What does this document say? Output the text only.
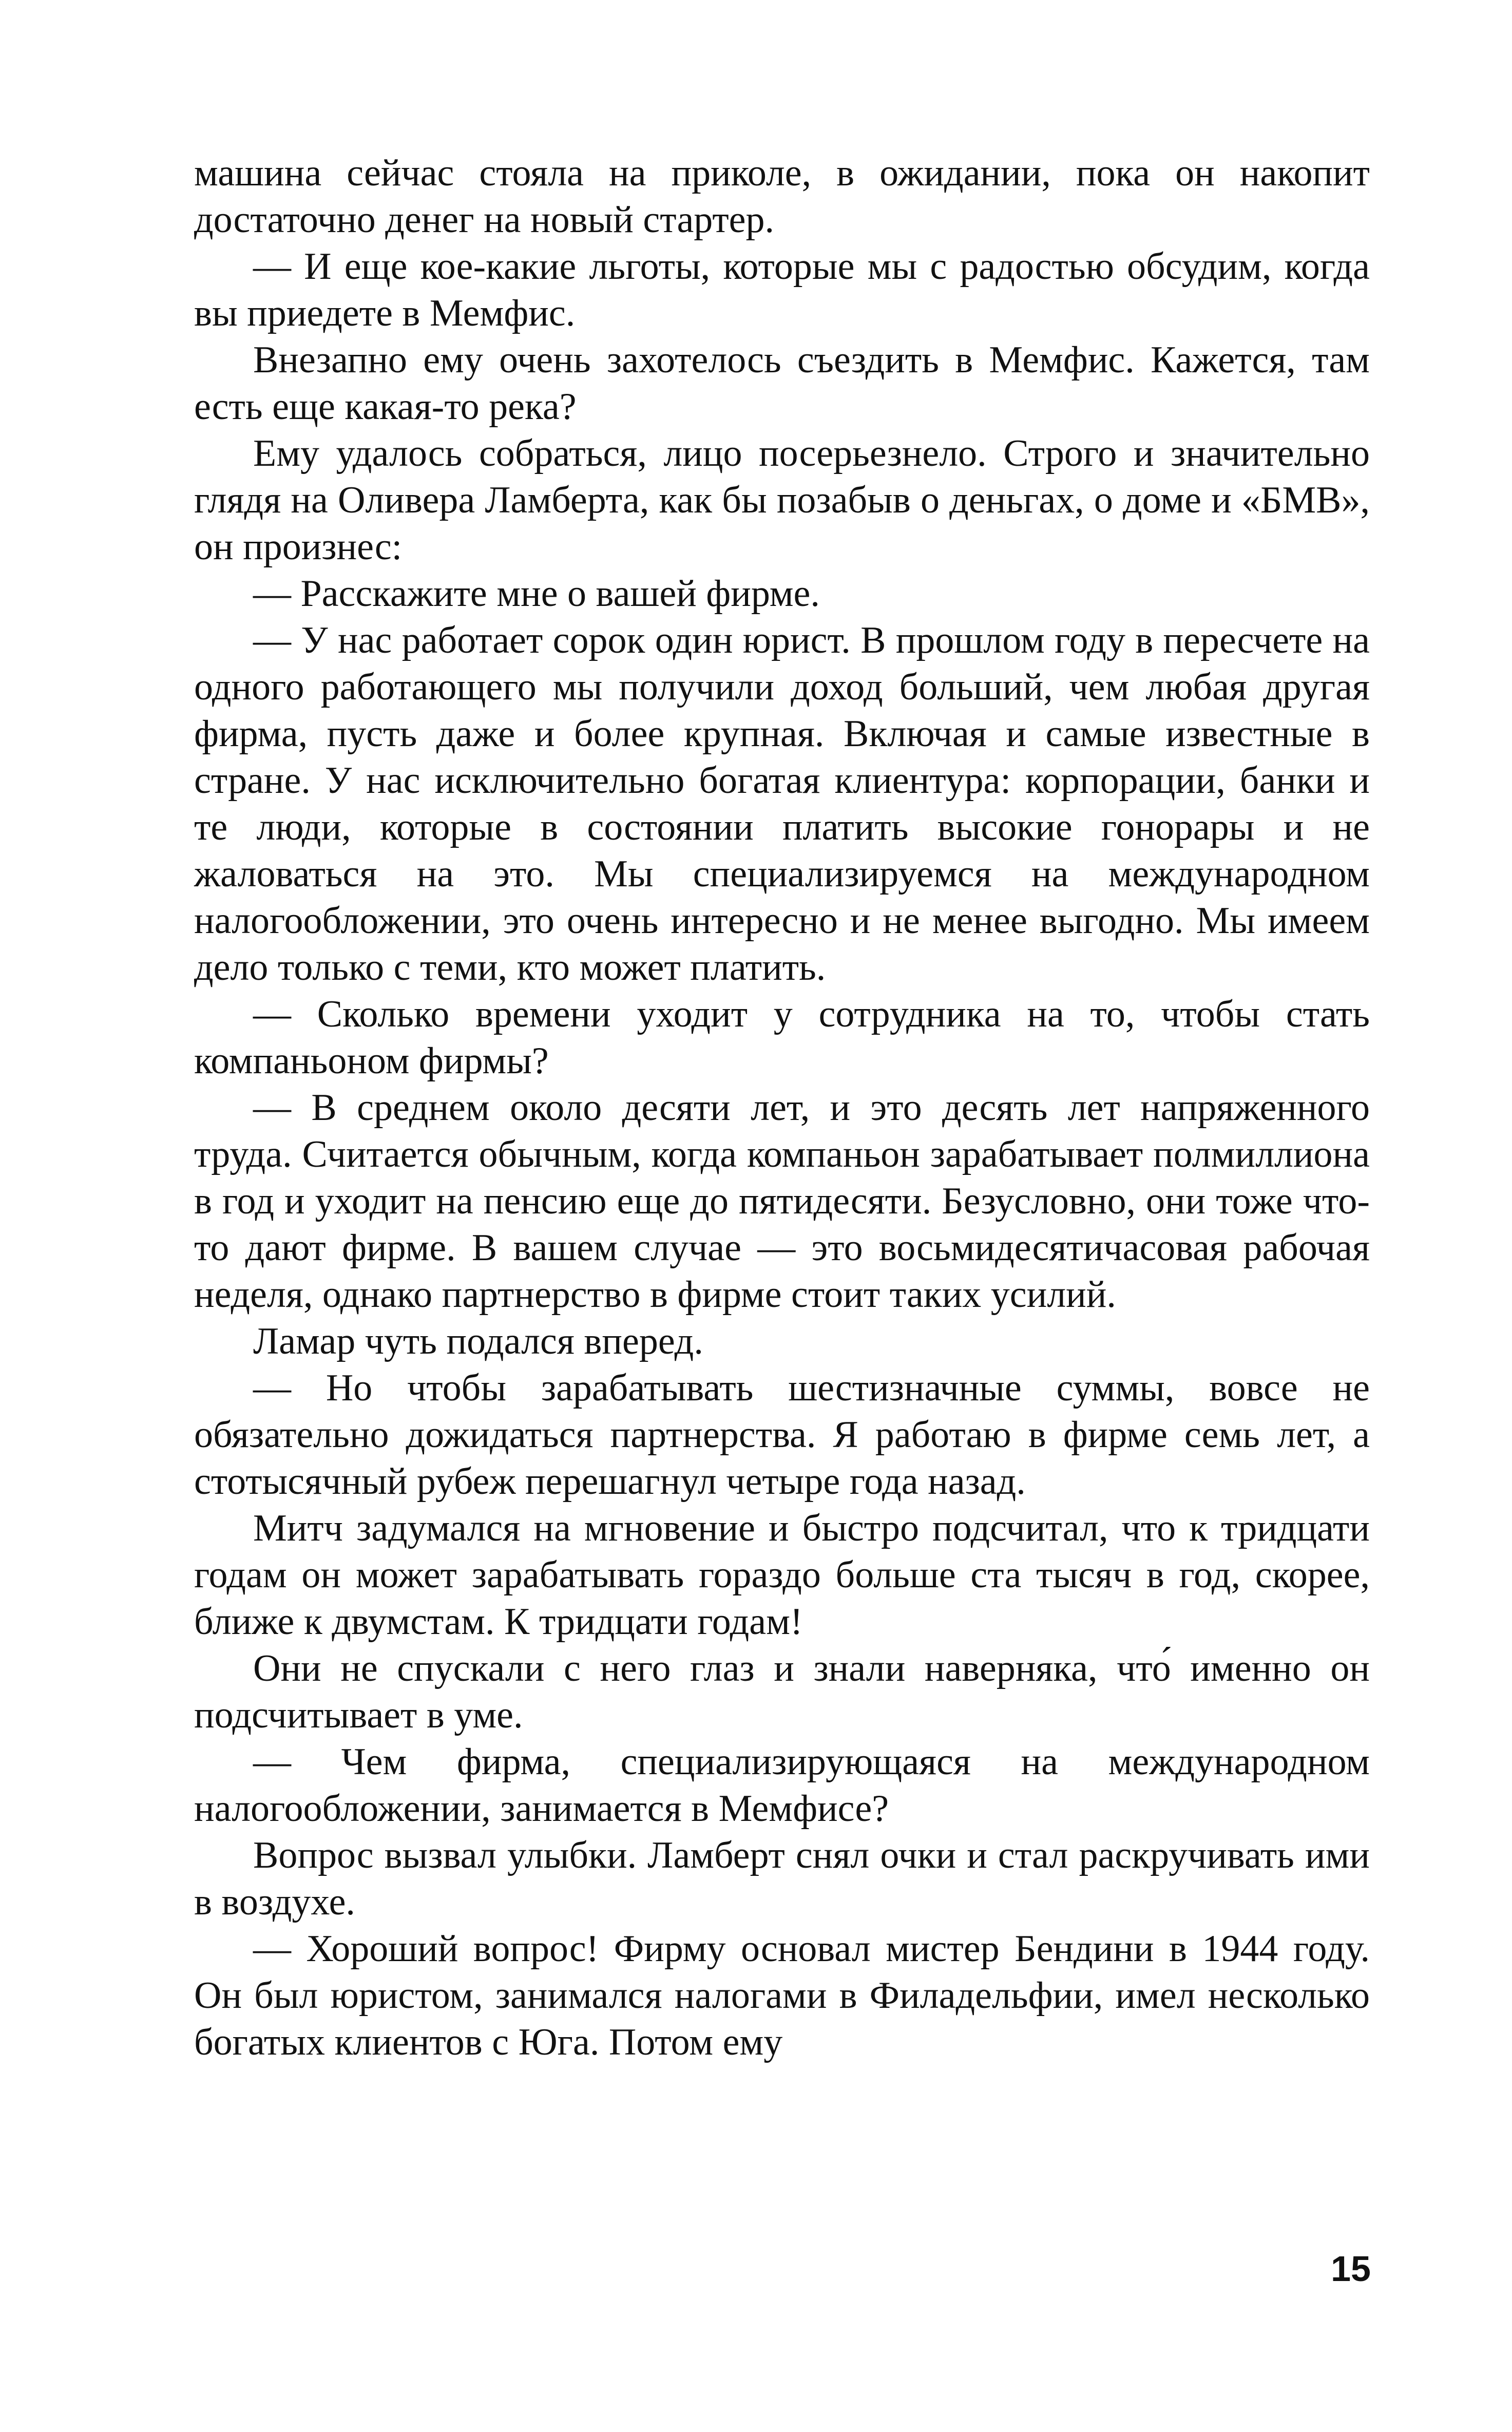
машина сейчас стояла на приколе, в ожидании, пока он накопит достаточно денег на новый стартер.

— И еще кое-какие льготы, которые мы с радостью обсудим, когда вы приедете в Мемфис.

Внезапно ему очень захотелось съездить в Мемфис. Кажется, там есть еще какая-то река?

Ему удалось собраться, лицо посерьезнело. Строго и значительно глядя на Оливера Ламберта, как бы позабыв о деньгах, о доме и «БМВ», он произнес:

— Расскажите мне о вашей фирме.

— У нас работает сорок один юрист. В прошлом году в пересчете на одного работающего мы получили доход больший, чем любая другая фирма, пусть даже и более крупная. Включая и самые известные в стране. У нас исключительно богатая клиентура: корпорации, банки и те люди, которые в состоянии платить высокие гонорары и не жаловаться на это. Мы специализируемся на международном налогообложении, это очень интересно и не менее выгодно. Мы имеем дело только с теми, кто может платить.

— Сколько времени уходит у сотрудника на то, чтобы стать компаньоном фирмы?

— В среднем около десяти лет, и это десять лет напряженного труда. Считается обычным, когда компаньон зарабатывает полмиллиона в год и уходит на пенсию еще до пятидесяти. Безусловно, они тоже что-то дают фирме. В вашем случае — это восьмидесятичасовая рабочая неделя, однако партнерство в фирме стоит таких усилий.

Ламар чуть подался вперед.

— Но чтобы зарабатывать шестизначные суммы, вовсе не обязательно дожидаться партнерства. Я работаю в фирме семь лет, а стотысячный рубеж перешагнул четыре года назад.

Митч задумался на мгновение и быстро подсчитал, что к тридцати годам он может зарабатывать гораздо больше ста тысяч в год, скорее, ближе к двумстам. К тридцати годам!

Они не спускали с него глаз и знали наверняка, что́ именно он подсчитывает в уме.

— Чем фирма, специализирующаяся на международном налогообложении, занимается в Мемфисе?

Вопрос вызвал улыбки. Ламберт снял очки и стал раскручивать ими в воздухе.

— Хороший вопрос! Фирму основал мистер Бендини в 1944 году. Он был юристом, занимался налогами в Филадельфии, имел несколько богатых клиентов с Юга. Потом ему

15
